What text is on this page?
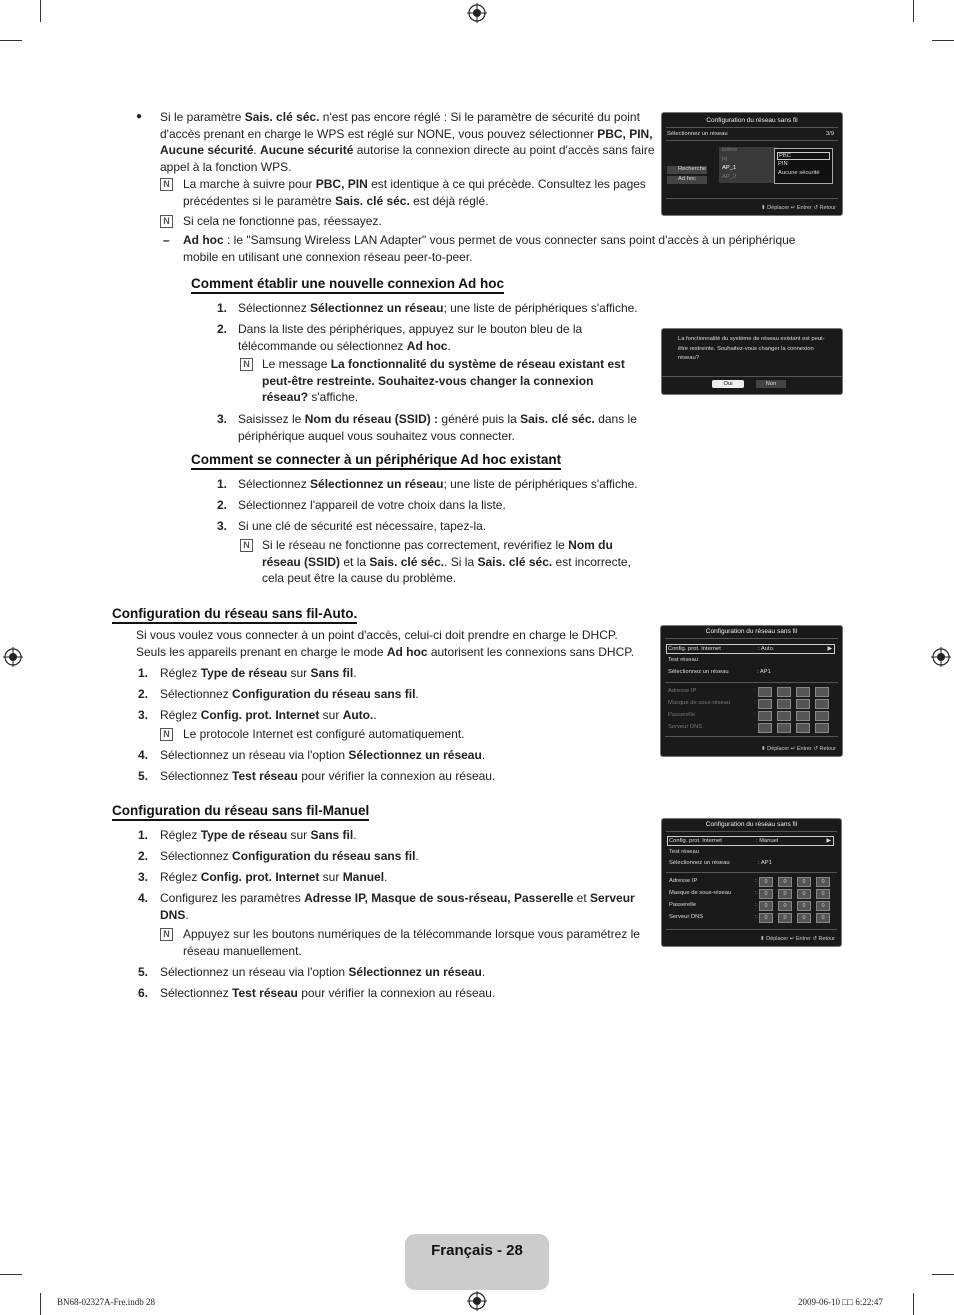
● Si le paramètre Sais. clé séc. n'est pas encore réglé : Si le paramètre de sécurité du point d'accès prenant en charge le WPS est réglé sur NONE, vous pouvez sélectionner PBC, PIN, Aucune sécurité. Aucune sécurité autorise la connexion directe au point d'accès sans faire appel à la fonction WPS.
N La marche à suivre pour PBC, PIN est identique à ce qui précède. Consultez les pages précédentes si le paramètre Sais. clé séc. est déjà réglé.
N Si cela ne fonctionne pas, réessayez.
– Ad hoc : le "Samsung Wireless LAN Adapter" vous permet de vous connecter sans point d'accès à un périphérique mobile en utilisant une connexion réseau peer-to-peer.
Configuration du réseau sans fil
Sélectionnez un réseau	3/9
iptime
jsj
AP_1
AP_2
PBC
PIN
Aucune sécurité
Recherche
Ad hoc
⬍ Déplacer ↵ Entrer ↺ Retour
Comment établir une nouvelle connexion Ad hoc
1. Sélectionnez Sélectionnez un réseau; une liste de périphériques s'affiche.
2. Dans la liste des périphériques, appuyez sur le bouton bleu de la télécommande ou sélectionnez Ad hoc.
N Le message La fonctionnalité du système de réseau existant est peut-être restreinte. Souhaitez-vous changer la connexion réseau? s'affiche.
3. Saisissez le Nom du réseau (SSID) : généré puis la Sais. clé séc. dans le périphérique auquel vous souhaitez vous connecter.
La fonctionnalité du système de réseau existant est peut-être restreinte. Souhaitez-vous changer la connexion réseau?
Oui	Non
Comment se connecter à un périphérique Ad hoc existant
1. Sélectionnez Sélectionnez un réseau; une liste de périphériques s'affiche.
2. Sélectionnez l'appareil de votre choix dans la liste.
3. Si une clé de sécurité est nécessaire, tapez-la.
N Si le réseau ne fonctionne pas correctement, revérifiez le Nom du réseau (SSID) et la Sais. clé séc.. Si la Sais. clé séc. est incorrecte, cela peut être la cause du problème.
Configuration du réseau sans fil-Auto.
Si vous voulez vous connecter à un point d'accès, celui-ci doit prendre en charge le DHCP. Seuls les appareils prenant en charge le mode Ad hoc autorisent les connexions sans DHCP.
1. Réglez Type de réseau sur Sans fil.
2. Sélectionnez Configuration du réseau sans fil.
3. Réglez Config. prot. Internet sur Auto..
N Le protocole Internet est configuré automatiquement.
4. Sélectionnez un réseau via l'option Sélectionnez un réseau.
5. Sélectionnez Test réseau pour vérifier la connexion au réseau.
Configuration du réseau sans fil
Config. prot. Internet	: Auto.	▶
Test réseau
Sélectionnez un réseau	: AP1
Adresse IP	:
Masque de sous-réseau	:
Passerelle	:
Serveur DNS	:
⬍ Déplacer ↵ Entrer ↺ Retour
Configuration du réseau sans fil-Manuel
1. Réglez Type de réseau sur Sans fil.
2. Sélectionnez Configuration du réseau sans fil.
3. Réglez Config. prot. Internet sur Manuel.
4. Configurez les paramètres Adresse IP, Masque de sous-réseau, Passerelle et Serveur DNS.
N Appuyez sur les boutons numériques de la télécommande lorsque vous paramétrez le réseau manuellement.
5. Sélectionnez un réseau via l'option Sélectionnez un réseau.
6. Sélectionnez Test réseau pour vérifier la connexion au réseau.
Configuration du réseau sans fil
Config. prot. Internet	: Manuel	▶
Test réseau
Sélectionnez un réseau	: AP1
Adresse IP	:	0	0	0	0
Masque de sous-réseau	:	0	0	0	0
Passerelle	:	0	0	0	0
Serveur DNS	:	0	0	0	0
⬍ Déplacer ↵ Entrer ↺ Retour
Français - 28
BN68-02327A-Fre.indb 28	2009-06-10 □□ 6:22:47
